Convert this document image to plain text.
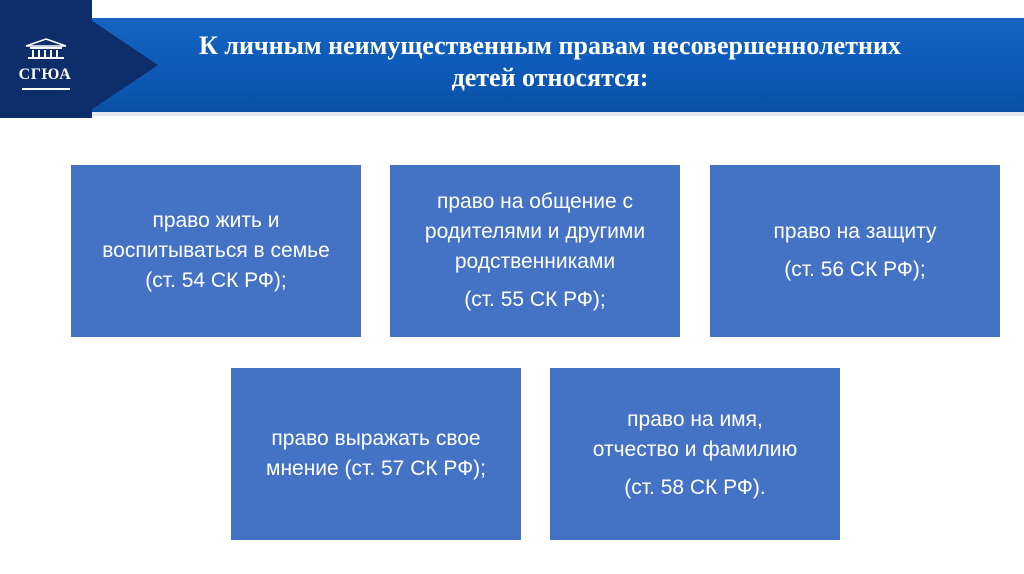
СГЮА
К личным неимущественным правам несовершеннолетних
детей относятся:
право жить и
воспитываться в семье
(ст. 54 СК РФ);
право на общение с
родителями и другими
родственниками
(ст. 55 СК РФ);
право на защиту
(ст. 56 СК РФ);
право выражать свое
мнение (ст. 57 СК РФ);
право на имя,
отчество и фамилию
(ст. 58 СК РФ).
